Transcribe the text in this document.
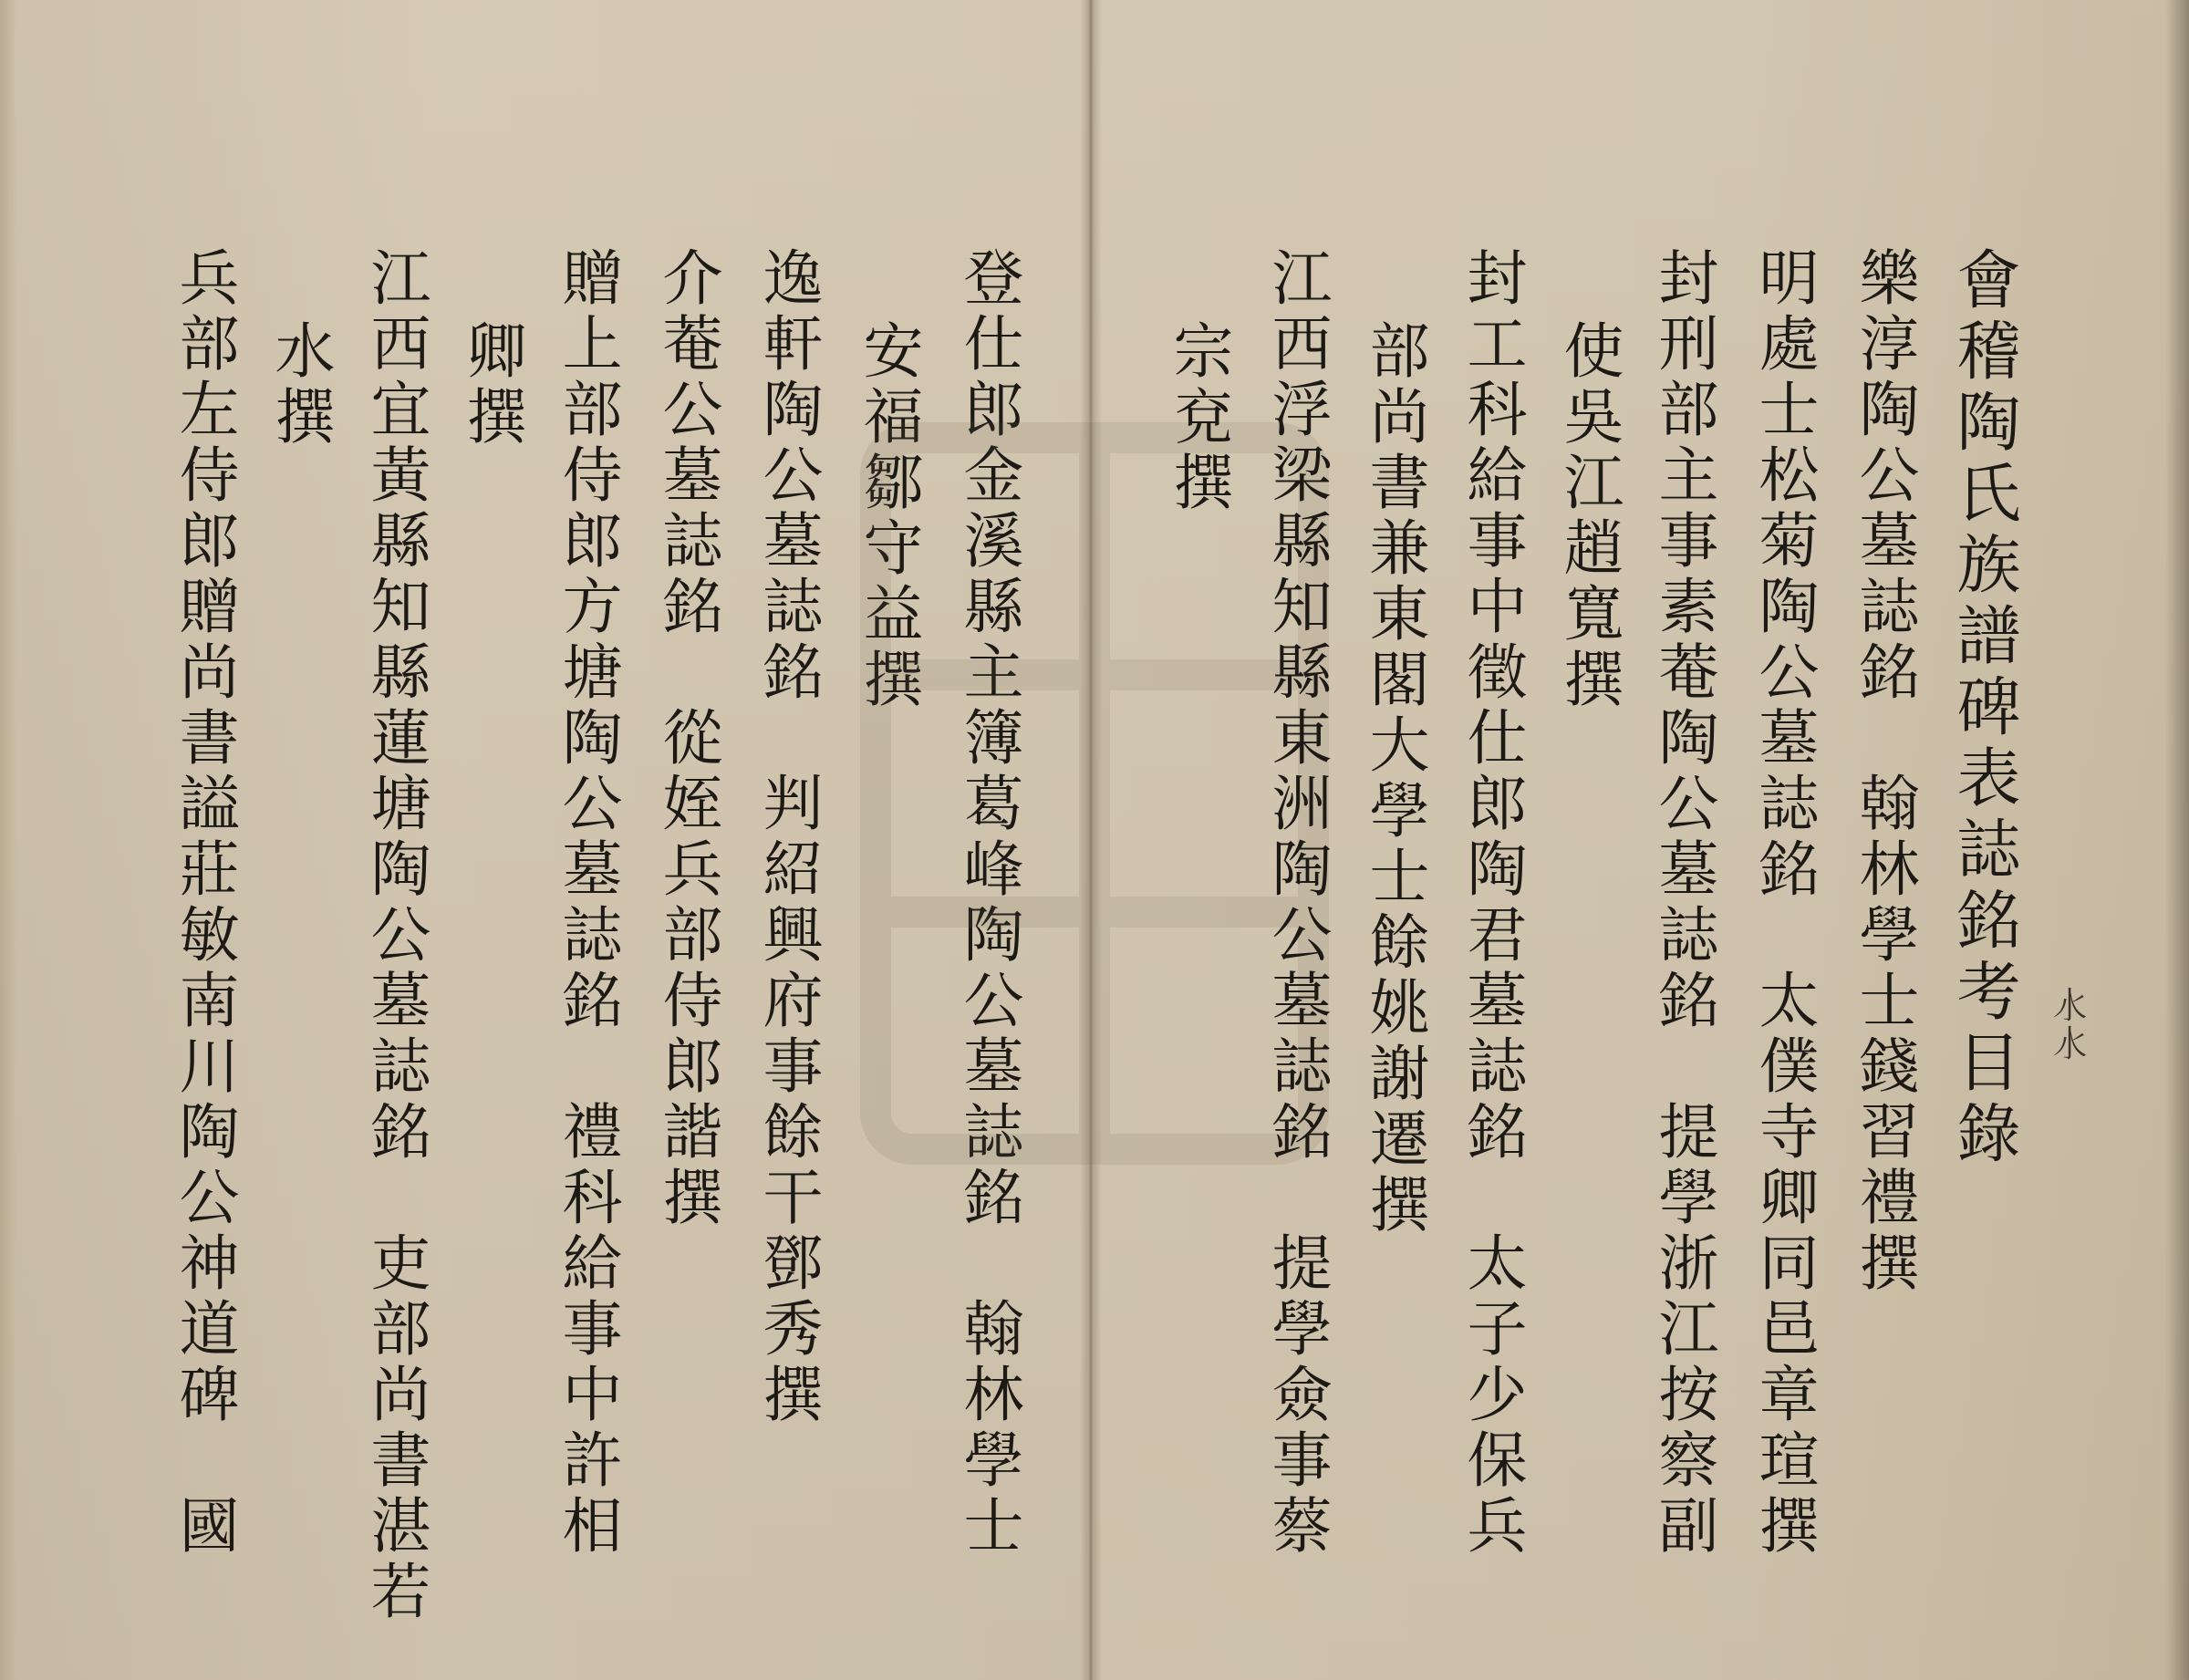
登仕郎金溪縣主簿葛峰陶公墓誌銘　翰林學士
安福鄒守益撰
逸軒陶公墓誌銘　判紹興府事餘干鄧秀撰
介菴公墓誌銘　從姪兵部侍郎諧撰
贈上部侍郎方塘陶公墓誌銘　禮科給事中許相
卿撰
江西宜黃縣知縣蓮塘陶公墓誌銘　吏部尚書湛若
水撰
兵部左侍郎贈尚書謚莊敏南川陶公神道碑　國	𣱱𣱱
會稽陶氏族譜碑表誌銘考目錄
樂淳陶公墓誌銘　翰林學士錢習禮撰
明處士松菊陶公墓誌銘　太僕寺卿同邑章瑄撰
封刑部主事素菴陶公墓誌銘　提學浙江按察副
使吳江趙寬撰
封工科給事中徵仕郎陶君墓誌銘　太子少保兵
部尚書兼東閣大學士餘姚謝遷撰
江西浮梁縣知縣東洲陶公墓誌銘　提學僉事蔡
宗兗撰
